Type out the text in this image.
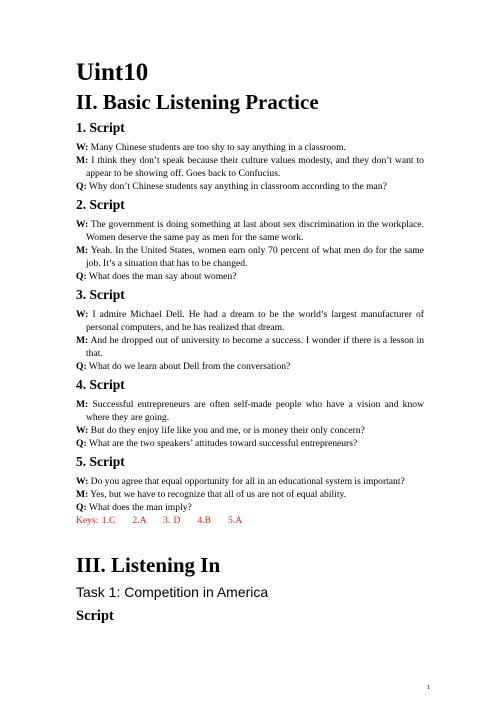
Uint10
II. Basic Listening Practice
1. Script
W: Many Chinese students are too shy to say anything in a classroom.
M: I think they don’t speak because their culture values modesty, and they don’t want to appear to be showing off. Goes back to Confucius.
Q: Why don’t Chinese students say anything in classroom according to the man?
2. Script
W: The government is doing something at last about sex discrimination in the workplace. Women deserve the same pay as men for the same work.
M: Yeah. In the United States, women earn only 70 percent of what men do for the same job. It’s a situation that has to be changed.
Q: What does the man say about women?
3. Script
W: I admire Michael Dell. He had a dream to be the world’s largest manufacturer of personal computers, and he has realized that dream.
M: And he dropped out of university to become a success. I wonder if there is a lesson in that.
Q: What do we learn about Dell from the conversation?
4. Script
M: Successful entrepreneurs are often self-made people who have a vision and know where they are going.
W: But do they enjoy life like you and me, or is money their only concern?
Q: What are the two speakers’ attitudes toward successful entrepreneurs?
5. Script
W: Do you agree that equal opportunity for all in an educational system is important?
M: Yes, but we have to recognize that all of us are not of equal ability.
Q: What does the man imply?
Keys: 1.C     2.A     3. D     4.B     5.A
III. Listening In
Task 1: Competition in America
Script
1
